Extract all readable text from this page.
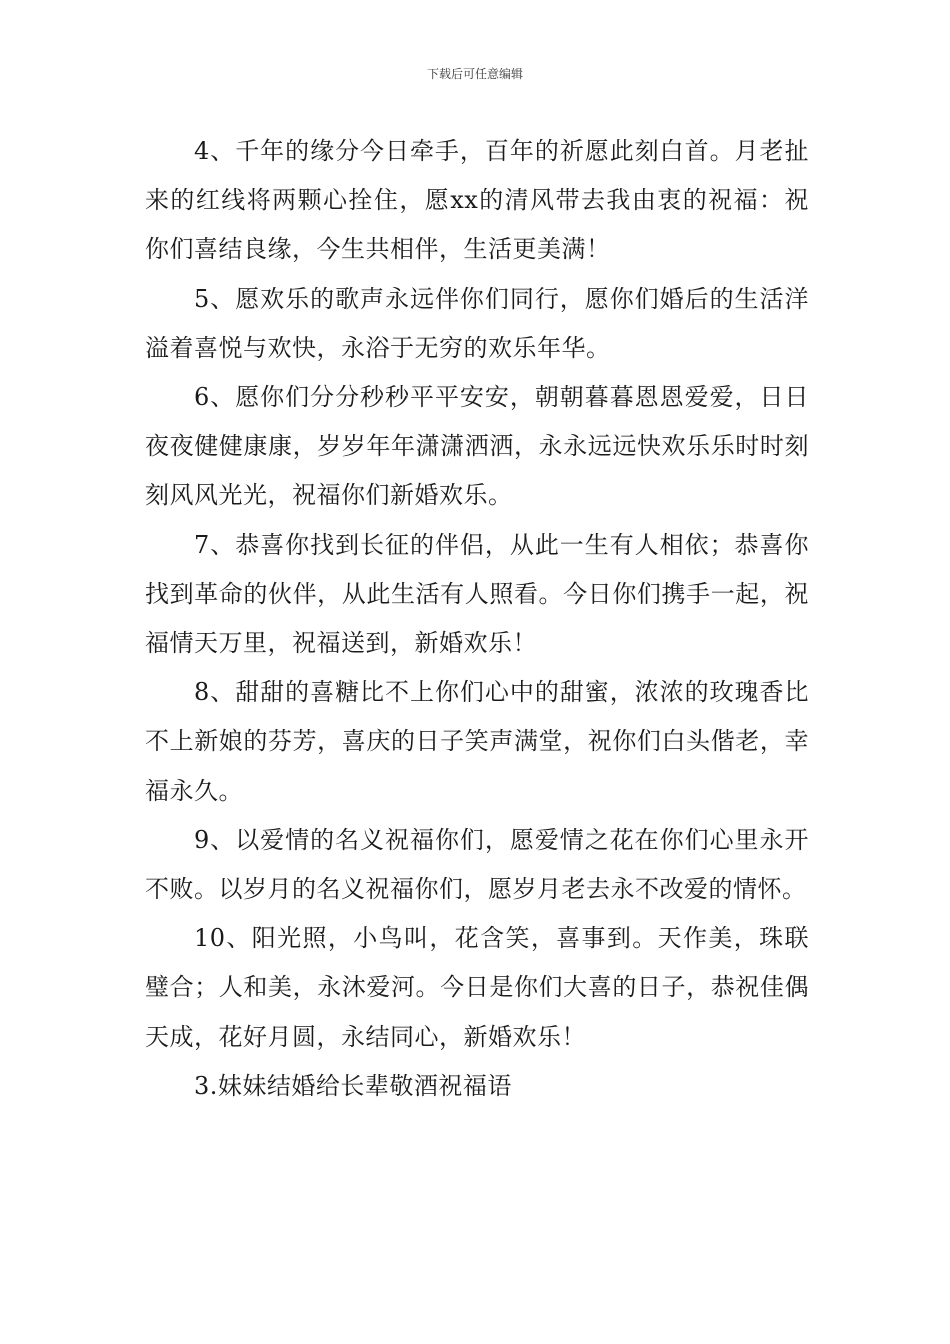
下载后可任意编辑

4、千年的缘分今日牵手，百年的祈愿此刻白首。月老扯来的红线将两颗心拴住，愿xx的清风带去我由衷的祝福：祝你们喜结良缘，今生共相伴，生活更美满！

5、愿欢乐的歌声永远伴你们同行，愿你们婚后的生活洋溢着喜悦与欢快，永浴于无穷的欢乐年华。

6、愿你们分分秒秒平平安安，朝朝暮暮恩恩爱爱，日日夜夜健健康康，岁岁年年潇潇洒洒，永永远远快欢乐乐时时刻刻风风光光，祝福你们新婚欢乐。

7、恭喜你找到长征的伴侣，从此一生有人相依；恭喜你找到革命的伙伴，从此生活有人照看。今日你们携手一起，祝福情天万里，祝福送到，新婚欢乐！

8、甜甜的喜糖比不上你们心中的甜蜜，浓浓的玫瑰香比不上新娘的芬芳，喜庆的日子笑声满堂，祝你们白头偕老，幸福永久。

9、以爱情的名义祝福你们，愿爱情之花在你们心里永开不败。以岁月的名义祝福你们，愿岁月老去永不改爱的情怀。

10、阳光照，小鸟叫，花含笑，喜事到。天作美，珠联璧合；人和美，永沐爱河。今日是你们大喜的日子，恭祝佳偶天成，花好月圆，永结同心，新婚欢乐！

3.妹妹结婚给长辈敬酒祝福语
